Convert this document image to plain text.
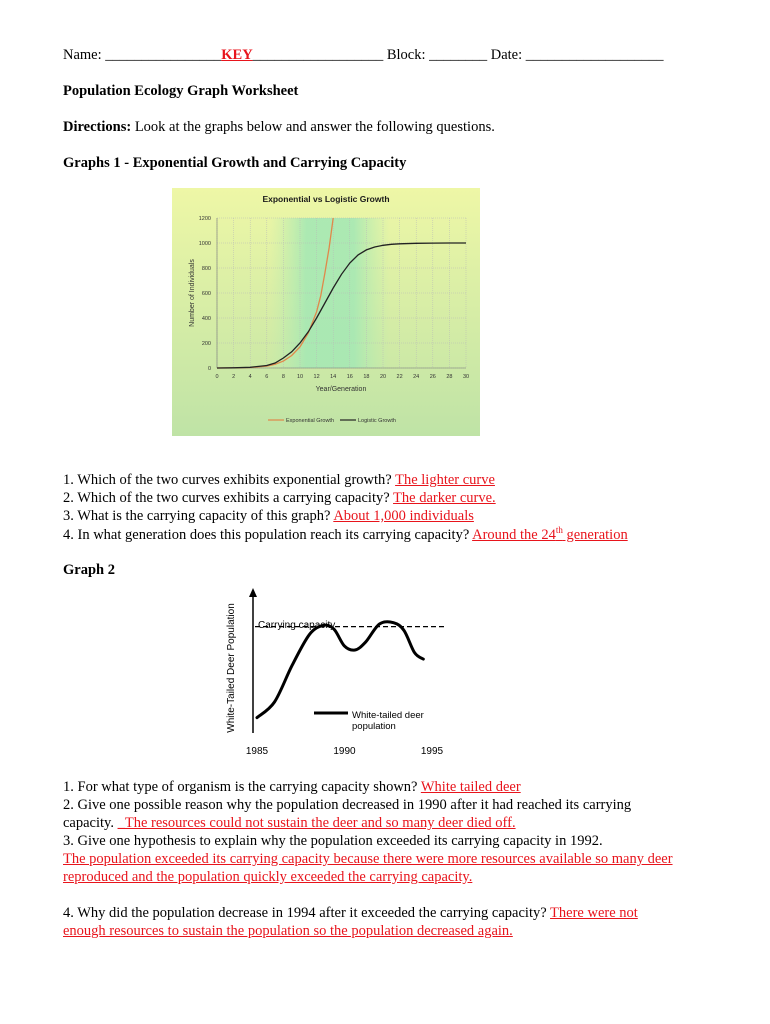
Name: ________________KEY__________________ Block: ________ Date: ___________________
Population Ecology Graph Worksheet
Directions: Look at the graphs below and answer the following questions.
Graphs 1 - Exponential Growth and Carrying Capacity
Exponential vs Logistic Growth
0
200
400
600
800
1000
1200
0 2 4 6 8 10 12 14 16 18 20 22 24 26 28 30
Number of Individuals
Year/Generation
Exponential Growth	Logistic Growth
1. Which of the two curves exhibits exponential growth? The lighter curve
2. Which of the two curves exhibits a carrying capacity? The darker curve.
3. What is the carrying capacity of this graph? About 1,000 individuals
4. In what generation does this population reach its carrying capacity? Around the 24th generation
Graph 2
White-Tailed Deer Population Carrying capacity
White-tailed deer population
1985	1990	1995
1. For what type of organism is the carrying capacity shown? White tailed deer
2. Give one possible reason why the population decreased in 1990 after it had reached its carrying
capacity. _The resources could not sustain the deer and so many deer died off.
3. Give one hypothesis to explain why the population exceeded its carrying capacity in 1992.
The population exceeded its carrying capacity because there were more resources available so many deer
reproduced and the population quickly exceeded the carrying capacity.
4. Why did the population decrease in 1994 after it exceeded the carrying capacity? There were not
enough resources to sustain the population so the population decreased again.
